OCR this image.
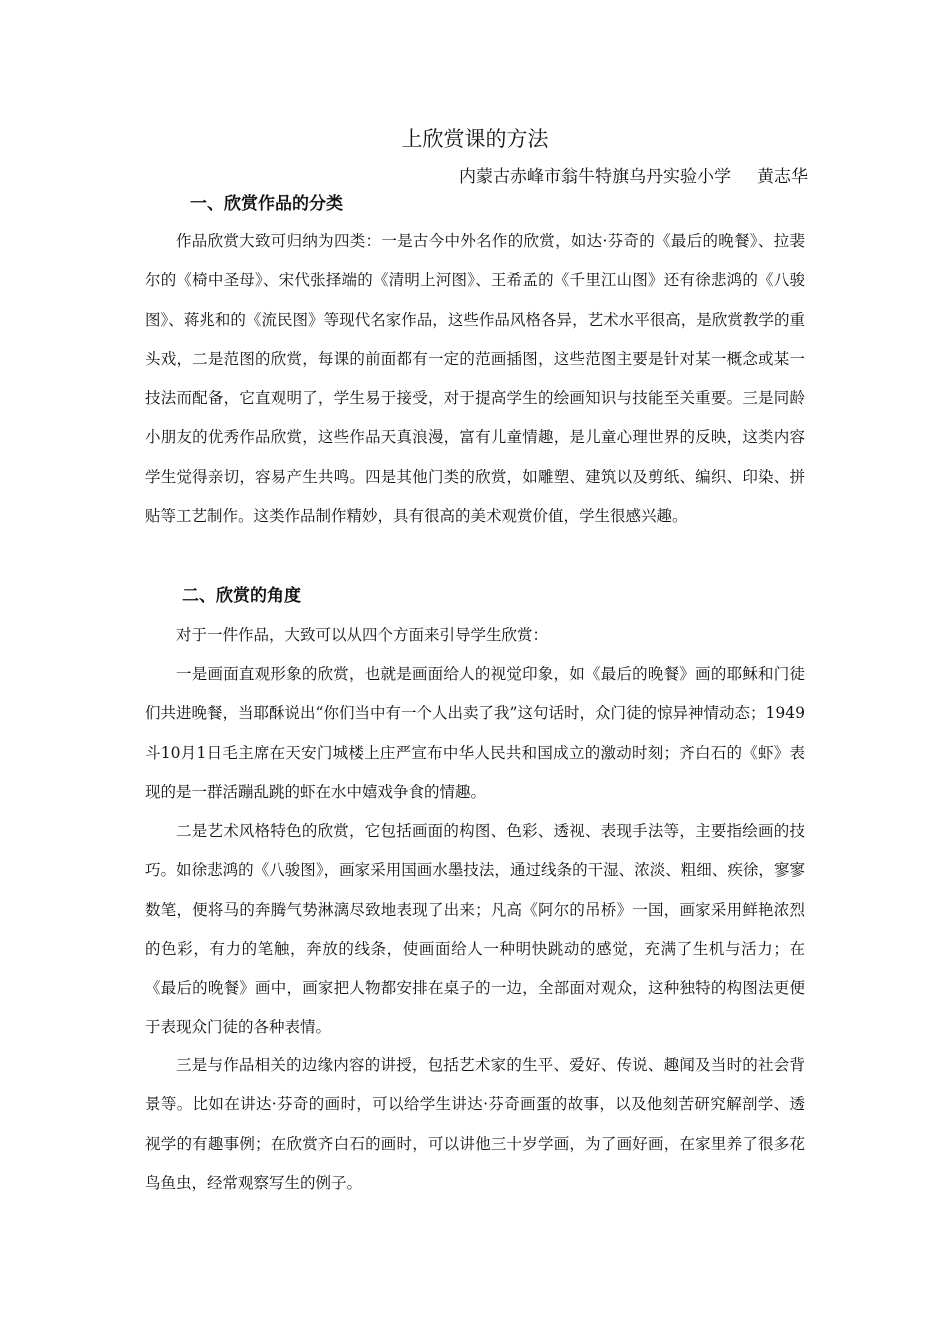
上欣赏课的方法

内蒙古赤峰市翁牛特旗乌丹实验小学 黄志华

一、欣赏作品的分类

作品欣赏大致可归纳为四类：一是古今中外名作的欣赏，如达·芬奇的《最后的晚餐》、拉裴尔的《椅中圣母》、宋代张择端的《清明上河图》、王希孟的《千里江山图》还有徐悲鸿的《八骏图》、蒋兆和的《流民图》等现代名家作品，这些作品风格各异，艺术水平很高，是欣赏教学的重头戏，二是范图的欣赏，每课的前面都有一定的范画插图，这些范图主要是针对某一概念或某一技法而配备，它直观明了，学生易于接受，对于提高学生的绘画知识与技能至关重要。三是同龄小朋友的优秀作品欣赏，这些作品天真浪漫，富有儿童情趣，是儿童心理世界的反映，这类内容学生觉得亲切，容易产生共鸣。四是其他门类的欣赏，如雕塑、建筑以及剪纸、编织、印染、拼贴等工艺制作。这类作品制作精妙，具有很高的美术观赏价值，学生很感兴趣。

二、欣赏的角度

对于一件作品，大致可以从四个方面来引导学生欣赏：

一是画面直观形象的欣赏，也就是画面给人的视觉印象，如《最后的晚餐》画的耶稣和门徒们共进晚餐，当耶酥说出“你们当中有一个人出卖了我”这句话时，众门徒的惊异神情动态；1949斗10月1日毛主席在天安门城楼上庄严宣布中华人民共和国成立的激动时刻；齐白石的《虾》表现的是一群活蹦乱跳的虾在水中嬉戏争食的情趣。

二是艺术风格特色的欣赏，它包括画面的构图、色彩、透视、表现手法等，主要指绘画的技巧。如徐悲鸿的《八骏图》，画家采用国画水墨技法，通过线条的干湿、浓淡、粗细、疾徐，寥寥数笔，便将马的奔腾气势淋漓尽致地表现了出来；凡高《阿尔的吊桥》一国，画家采用鲜艳浓烈的色彩，有力的笔触，奔放的线条，使画面给人一种明快跳动的感觉，充满了生机与活力；在《最后的晚餐》画中，画家把人物都安排在桌子的一边，全部面对观众，这种独特的构图法更便于表现众门徒的各种表情。

三是与作品相关的边缘内容的讲授，包括艺术家的生平、爱好、传说、趣闻及当时的社会背景等。比如在讲达·芬奇的画时，可以给学生讲达·芬奇画蛋的故事，以及他刻苦研究解剖学、透视学的有趣事例；在欣赏齐白石的画时，可以讲他三十岁学画，为了画好画，在家里养了很多花鸟鱼虫，经常观察写生的例子。
